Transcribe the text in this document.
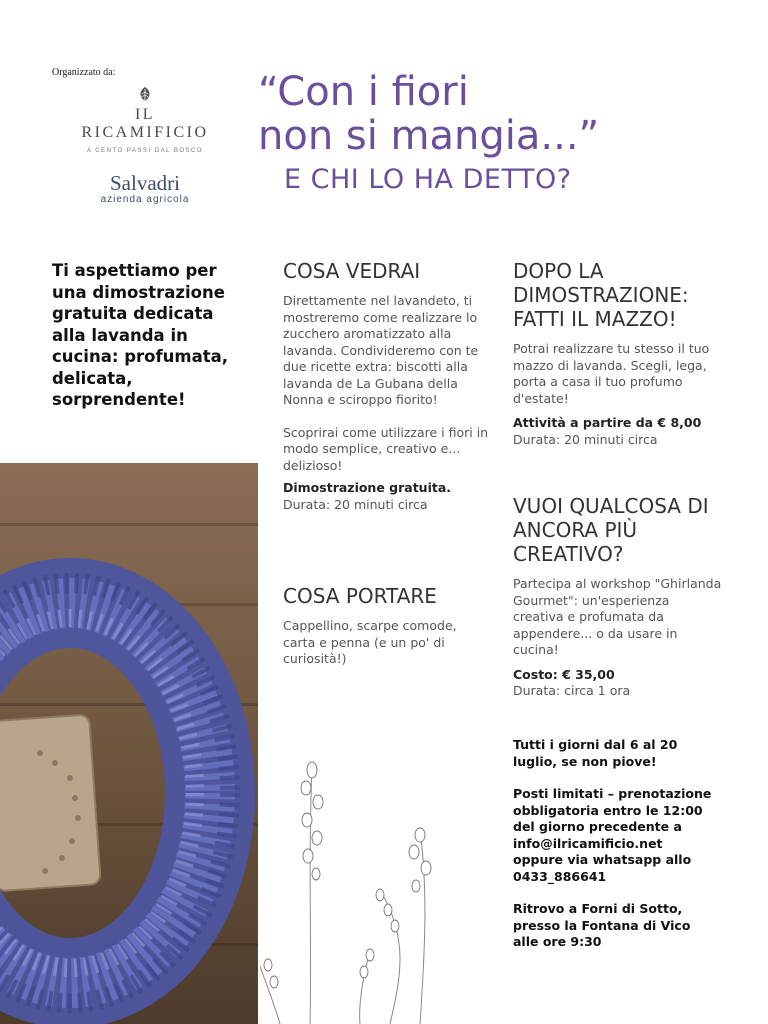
Organizzato da:
IL RICAMIFICIO
A CENTO PASSI DAL BOSCO
Salvadri
azienda agricola
“Con i fiori
non si mangia...”
E CHI LO HA DETTO?
Ti aspettiamo per una dimostrazione gratuita dedicata alla lavanda in cucina: profumata, delicata, sorprendente!
COSA VEDRAI

Direttamente nel lavandeto, ti mostreremo come realizzare lo zucchero aromatizzato alla lavanda. Condivideremo con te due ricette extra: biscotti alla lavanda de La Gubana della Nonna e sciroppo fiorito!

Scoprirai come utilizzare i fiori in modo semplice, creativo e... delizioso!

Dimostrazione gratuita.

Durata: 20 minuti circa

COSA PORTARE

Cappellino, scarpe comode, carta e penna (e un po' di curiosità!)

DOPO LA DIMOSTRAZIONE: FATTI IL MAZZO!

Potrai realizzare tu stesso il tuo mazzo di lavanda. Scegli, lega, porta a casa il tuo profumo d'estate!

Attività a partire da € 8,00

Durata: 20 minuti circa

VUOI QUALCOSA DI ANCORA PIÙ CREATIVO?

Partecipa al workshop "Ghirlanda Gourmet": un'esperienza creativa e profumata da appendere... o da usare in cucina!

Costo: € 35,00

Durata: circa 1 ora

Tutti i giorni dal 6 al 20 luglio, se non piove!

Posti limitati – prenotazione obbligatoria entro le 12:00 del giorno precedente a

info@ilricamificio.net

oppure via whatsapp allo

0433_886641

Ritrovo a Forni di Sotto, presso la Fontana di Vico alle ore 9:30
